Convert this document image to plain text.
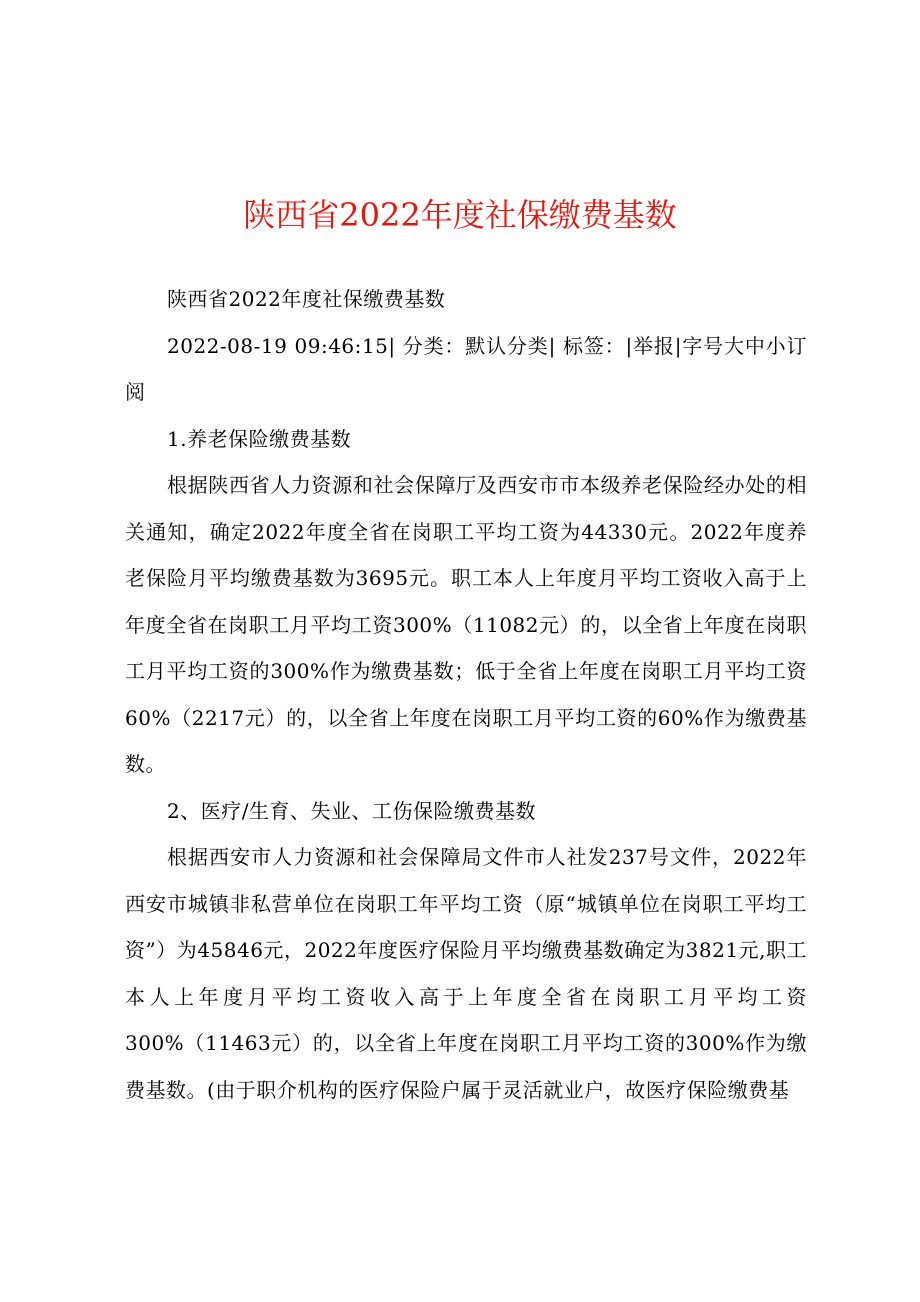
陕西省2022年度社保缴费基数

陕西省2022年度社保缴费基数

2022-08-19 09:46:15| 分类：默认分类| 标签：|举报|字号大中小订阅

1.养老保险缴费基数

根据陕西省人力资源和社会保障厅及西安市市本级养老保险经办处的相关通知，确定2022年度全省在岗职工平均工资为44330元。2022年度养老保险月平均缴费基数为3695元。职工本人上年度月平均工资收入高于上年度全省在岗职工月平均工资300%（11082元）的，以全省上年度在岗职工月平均工资的300%作为缴费基数；低于全省上年度在岗职工月平均工资60%（2217元）的，以全省上年度在岗职工月平均工资的60%作为缴费基数。

2、医疗/生育、失业、工伤保险缴费基数

根据西安市人力资源和社会保障局文件市人社发237号文件，2022年西安市城镇非私营单位在岗职工年平均工资（原“城镇单位在岗职工平均工资”）为45846元，2022年度医疗保险月平均缴费基数确定为3821元,职工本人上年度月平均工资收入高于上年度全省在岗职工月平均工资300%（11463元）的，以全省上年度在岗职工月平均工资的300%作为缴费基数。(由于职介机构的医疗保险户属于灵活就业户，故医疗保险缴费基
